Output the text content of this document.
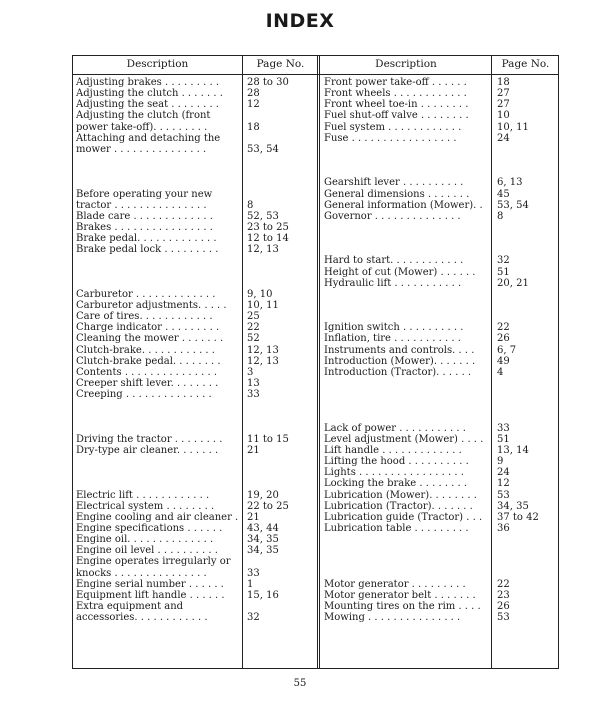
INDEX
Description	Page No.	Description	Page No.
Adjusting brakes . . . . . . . . .	28 to 30
Adjusting the clutch . . . . . . .	28
Adjusting the seat . . . . . . . .	12
Adjusting the clutch (front
power take-off). . . . . . . . .	18
Attaching and detaching the
mower . . . . . . . . . . . . . . .	53, 54
Before operating your new
tractor . . . . . . . . . . . . . . .	8
Blade care . . . . . . . . . . . . .	52, 53
Brakes . . . . . . . . . . . . . . . .	23 to 25
Brake pedal. . . . . . . . . . . . .	12 to 14
Brake pedal lock . . . . . . . . .	12, 13
Carburetor . . . . . . . . . . . . .	9, 10
Carburetor adjustments. . . . .	10, 11
Care of tires. . . . . . . . . . . .	25
Charge indicator . . . . . . . . .	22
Cleaning the mower . . . . . . .	52
Clutch-brake. . . . . . . . . . . .	12, 13
Clutch-brake pedal. . . . . . . .	12, 13
Contents . . . . . . . . . . . . . . .	3
Creeper shift lever. . . . . . . .	13
Creeping . . . . . . . . . . . . . .	33
Driving the tractor . . . . . . . .	11 to 15
Dry-type air cleaner. . . . . . .	21
Electric lift . . . . . . . . . . . .	19, 20
Electrical system . . . . . . . .	22 to 25
Engine cooling and air cleaner . 21
Engine specifications . . . . . .	43, 44
Engine oil. . . . . . . . . . . . . .	34, 35
Engine oil level . . . . . . . . . .	34, 35
Engine operates irregularly or
knocks . . . . . . . . . . . . . . .	33
Engine serial number . . . . . .	1
Equipment lift handle . . . . . .	15, 16
Extra equipment and
accessories. . . . . . . . . . . .	32
Front power take-off . . . . . .	18
Front wheels . . . . . . . . . . . .	27
Front wheel toe-in . . . . . . . .	27
Fuel shut-off valve . . . . . . . .	10
Fuel system . . . . . . . . . . . .	10, 11
Fuse . . . . . . . . . . . . . . . . .	24
Gearshift lever . . . . . . . . . .	6, 13
General dimensions . . . . . . .	45
General information (Mower). .	53, 54
Governor . . . . . . . . . . . . . .	8
Hard to start. . . . . . . . . . . .	32
Height of cut (Mower) . . . . . .	51
Hydraulic lift . . . . . . . . . . .	20, 21
Ignition switch . . . . . . . . . .	22
Inflation, tire . . . . . . . . . . .	26
Instruments and controls. . . .	6, 7
Introduction (Mower). . . . . . .	49
Introduction (Tractor). . . . . .	4
Lack of power . . . . . . . . . . .	33
Level adjustment (Mower) . . . .	51
Lift handle . . . . . . . . . . . . .	13, 14
Lifting the hood . . . . . . . . . .	9
Lights . . . . . . . . . . . . . . . . .	24
Locking the brake . . . . . . . .	12
Lubrication (Mower). . . . . . . .	53
Lubrication (Tractor). . . . . . .	34, 35
Lubrication guide (Tractor) . . .	37 to 42
Lubrication table . . . . . . . . .	36
Motor generator . . . . . . . . .	22
Motor generator belt . . . . . . .	23
Mounting tires on the rim . . . .	26
Mowing . . . . . . . . . . . . . . .	53
55
